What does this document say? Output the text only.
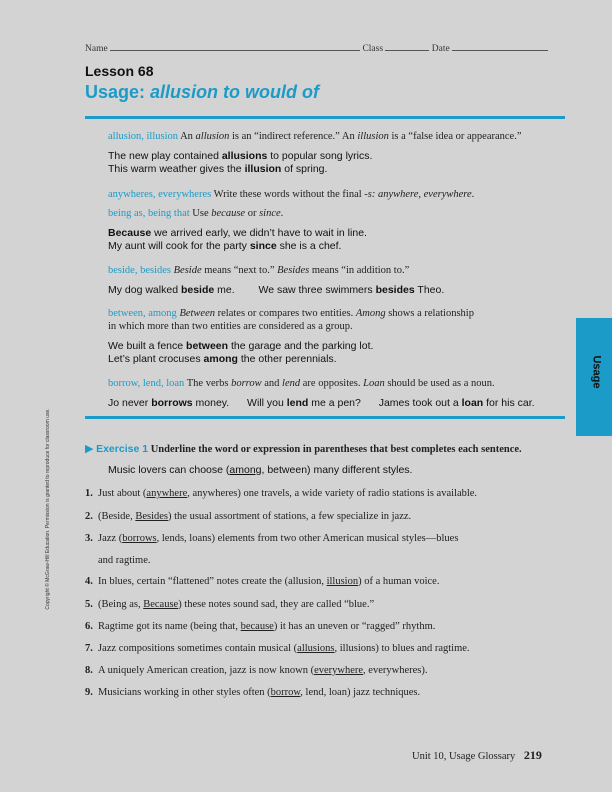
Name	Class	Date
Lesson 68
Usage: allusion to would of
allusion, illusion An allusion is an “indirect reference.” An illusion is a “false idea or appearance.”
The new play contained allusions to popular song lyrics.
This warm weather gives the illusion of spring.
anywheres, everywheres Write these words without the final -s: anywhere, everywhere.
being as, being that Use because or since.
Because we arrived early, we didn’t have to wait in line.
My aunt will cook for the party since she is a chef.
beside, besides Beside means “next to.” Besides means “in addition to.”
My dog walked beside me. We saw three swimmers besides Theo.
between, among Between relates or compares two entities. Among shows a relationship
in which more than two entities are considered as a group.
We built a fence between the garage and the parking lot.
Let’s plant crocuses among the other perennials.
borrow, lend, loan The verbs borrow and lend are opposites. Loan should be used as a noun.
Jo never borrows money. Will you lend me a pen? James took out a loan for his car.
▶ Exercise 1 Underline the word or expression in parentheses that best completes each sentence.
Music lovers can choose (among, between) many different styles.
1. Just about (anywhere, anywheres) one travels, a wide variety of radio stations is available.
2. (Beside, Besides) the usual assortment of stations, a few specialize in jazz.
3. Jazz (borrows, lends, loans) elements from two other American musical styles—blues
and ragtime.
4. In blues, certain “flattened” notes create the (allusion, illusion) of a human voice.
5. (Being as, Because) these notes sound sad, they are called “blue.”
6. Ragtime got its name (being that, because) it has an uneven or “ragged” rhythm.
7. Jazz compositions sometimes contain musical (allusions, illusions) to blues and ragtime.
8. A uniquely American creation, jazz is now known (everywhere, everywheres).
9. Musicians working in other styles often (borrow, lend, loan) jazz techniques.
Usage
Copyright © McGraw-Hill Education. Permission is granted to reproduce for classroom use.
Unit 10, Usage Glossary 219
